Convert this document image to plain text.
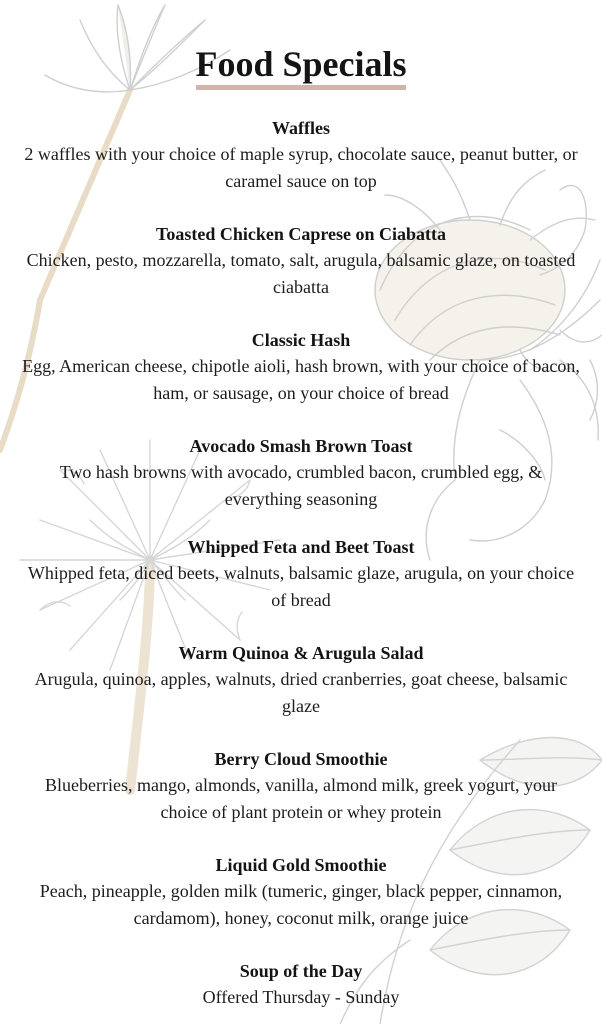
Food Specials
Waffles
2 waffles with your choice of maple syrup, chocolate sauce, peanut butter, or caramel sauce on top
Toasted Chicken Caprese on Ciabatta
Chicken, pesto, mozzarella, tomato, salt, arugula, balsamic glaze, on toasted ciabatta
Classic Hash
Egg, American cheese, chipotle aioli, hash brown, with your choice of bacon, ham, or sausage, on your choice of bread
Avocado Smash Brown Toast
Two hash browns with avocado, crumbled bacon, crumbled egg, & everything seasoning
Whipped Feta and Beet Toast
Whipped feta, diced beets, walnuts, balsamic glaze, arugula, on your choice of bread
Warm Quinoa & Arugula Salad
Arugula, quinoa, apples, walnuts, dried cranberries, goat cheese, balsamic glaze
Berry Cloud Smoothie
Blueberries, mango, almonds, vanilla, almond milk, greek yogurt, your choice of plant protein or whey protein
Liquid Gold Smoothie
Peach, pineapple, golden milk (tumeric, ginger, black pepper, cinnamon, cardamom), honey, coconut milk, orange juice
Soup of the Day
Offered Thursday - Sunday
